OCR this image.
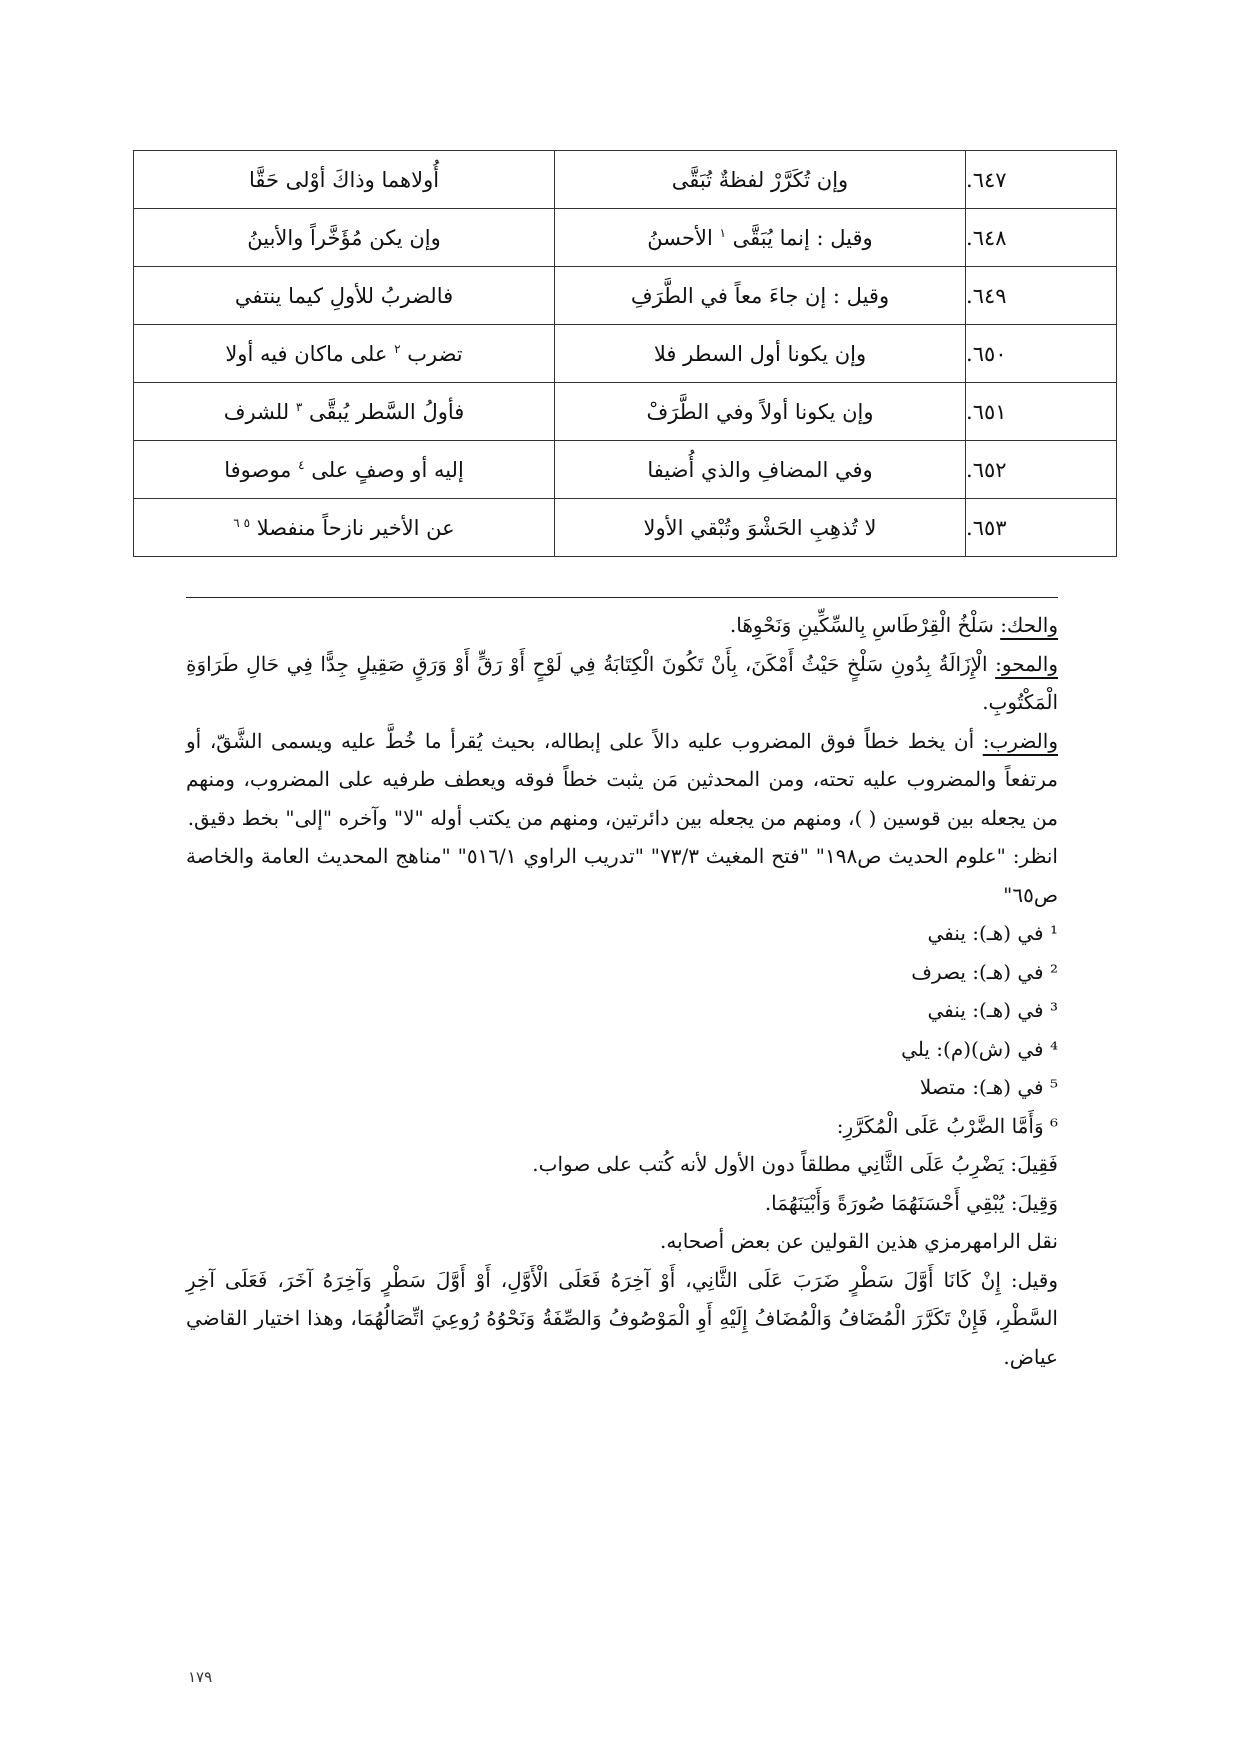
٦٤٧.	وإن تُكَرَّرْ لفظةٌ تُبَقَّى	أُولاهما وذاكَ أوْلى حَقَّا
٦٤٨.	وقيل : إنما يُبَقَّى $^١$ الأحسنُ	وإن يكن مُؤَخَّراً والأبينُ
٦٤٩.	وقيل : إن جاءَ معاً في الطَّرَفِ	فالضربُ للأولِ كيما ينتفي
٦٥٠.	وإن يكونا أول السطر فلا	تضرب $^٢$ على ماكان فيه أولا
٦٥١.	وإن يكونا أولاً وفي الطَّرَفْ	فأولُ السَّطر يُبقَّى $^٣$ للشرف
٦٥٢.	وفي المضافِ والذي أُضيفا	إليه أو وصفٍ على $^٤$ موصوفا
٦٥٣.	لا تُذهِبِ الحَشْوَ وتُبْقي الأولا	عن الأخير نازحاً منفصلا $^{٥ ٦}$

والحك: سَلْخُ الْقِرْطَاسِ بِالسِّكِّينِ وَنَحْوِهَا.

والمحو: الْإِزَالَةُ بِدُونِ سَلْخٍ حَيْثُ أَمْكَنَ، بِأَنْ تَكُونَ الْكِتَابَةُ فِي لَوْحٍ أَوْ رَقٍّ أَوْ وَرَقٍ صَقِيلٍ جِدًّا فِي حَالِ طَرَاوَةِ الْمَكْتُوبِ.

والضرب: أن يخط خطاً فوق المضروب عليه دالاً على إبطاله، بحيث يُقرأ ما خُطَّ عليه ويسمى الشَّقّ، أو مرتفعاً والمضروب عليه تحته، ومن المحدثين مَن يثبت خطاً فوقه ويعطف طرفيه على المضروب، ومنهم من يجعله بين قوسين ( )، ومنهم من يجعله بين دائرتين، ومنهم من يكتب أوله "لا" وآخره "إلى" بخط دقيق.

انظر: "علوم الحديث ص١٩٨" "فتح المغيث ٧٣/٣" "تدريب الراوي ٥١٦/١" "مناهج المحديث العامة والخاصة ص٦٥"

¹ في (هـ): ينفي

² في (هـ): يصرف

³ في (هـ): ينفي

⁴ في (ش)(م): يلي

⁵ في (هـ): متصلا

⁶ وَأَمَّا الضَّرْبُ عَلَى الْمُكَرَّرِ:

فَقِيلَ: يَضْرِبُ عَلَى الثَّانِي مطلقاً دون الأول لأنه كُتب على صواب.

وَقِيلَ: يُبْقِي أَحْسَنَهُمَا صُورَةً وَأَبْيَنَهُمَا.

نقل الرامهرمزي هذين القولين عن بعض أصحابه.

وقيل: إِنْ كَانَا أَوَّلَ سَطْرٍ ضَرَبَ عَلَى الثَّانِي، أَوْ آخِرَهُ فَعَلَى الْأَوَّلِ، أَوْ أَوَّلَ سَطْرٍ وَآخِرَهُ آخَرَ، فَعَلَى آخِرِ السَّطْرِ، فَإِنْ تَكَرَّرَ الْمُضَافُ وَالْمُضَافُ إِلَيْهِ أَوِ الْمَوْصُوفُ وَالصِّفَةُ وَنَحْوُهُ رُوعِيَ اتِّصَالُهُمَا، وهذا اختيار القاضي عياض.

١٧٩
